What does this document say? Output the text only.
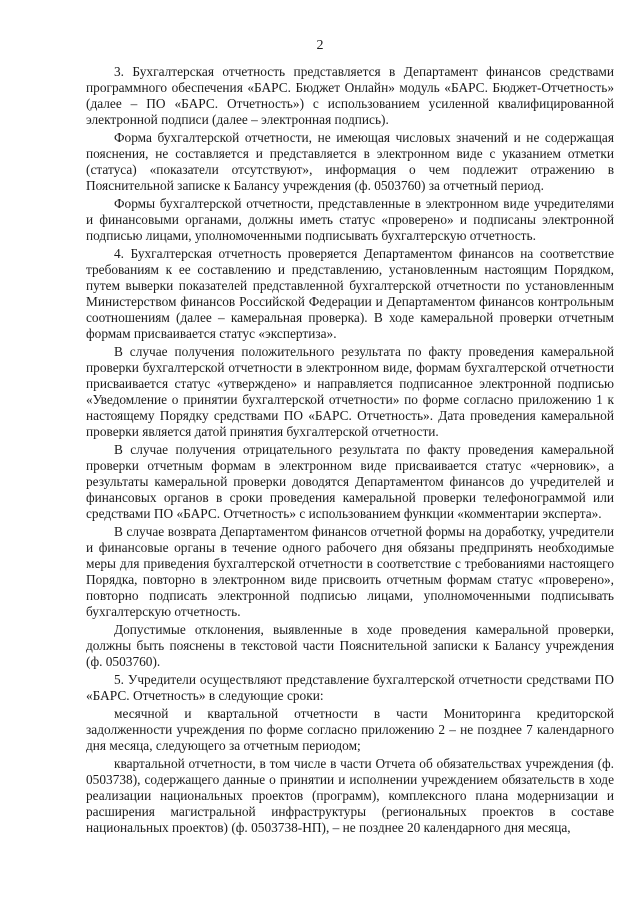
2

3. Бухгалтерская отчетность представляется в Департамент финансов средствами программного обеспечения «БАРС. Бюджет Онлайн» модуль «БАРС. Бюджет-Отчетность» (далее – ПО «БАРС. Отчетность») с использованием усиленной квалифицированной электронной подписи (далее – электронная подпись).

Форма бухгалтерской отчетности, не имеющая числовых значений и не содержащая пояснения, не составляется и представляется в электронном виде с указанием отметки (статуса) «показатели отсутствуют», информация о чем подлежит отражению в Пояснительной записке к Балансу учреждения (ф. 0503760) за отчетный период.

Формы бухгалтерской отчетности, представленные в электронном виде учредителями и финансовыми органами, должны иметь статус «проверено» и подписаны электронной подписью лицами, уполномоченными подписывать бухгалтерскую отчетность.

4. Бухгалтерская отчетность проверяется Департаментом финансов на соответствие требованиям к ее составлению и представлению, установленным настоящим Порядком, путем выверки показателей представленной бухгалтерской отчетности по установленным Министерством финансов Российской Федерации и Департаментом финансов контрольным соотношениям (далее – камеральная проверка). В ходе камеральной проверки отчетным формам присваивается статус «экспертиза».

В случае получения положительного результата по факту проведения камеральной проверки бухгалтерской отчетности в электронном виде, формам бухгалтерской отчетности присваивается статус «утверждено» и направляется подписанное электронной подписью «Уведомление о принятии бухгалтерской отчетности» по форме согласно приложению 1 к настоящему Порядку средствами ПО «БАРС. Отчетность». Дата проведения камеральной проверки является датой принятия бухгалтерской отчетности.

В случае получения отрицательного результата по факту проведения камеральной проверки отчетным формам в электронном виде присваивается статус «черновик», а результаты камеральной проверки доводятся Департаментом финансов до учредителей и финансовых органов в сроки проведения камеральной проверки телефонограммой или средствами ПО «БАРС. Отчетность» с использованием функции «комментарии эксперта».

В случае возврата Департаментом финансов отчетной формы на доработку, учредители и финансовые органы в течение одного рабочего дня обязаны предпринять необходимые меры для приведения бухгалтерской отчетности в соответствие с требованиями настоящего Порядка, повторно в электронном виде присвоить отчетным формам статус «проверено», повторно подписать электронной подписью лицами, уполномоченными подписывать бухгалтерскую отчетность.

Допустимые отклонения, выявленные в ходе проведения камеральной проверки, должны быть пояснены в текстовой части Пояснительной записки к Балансу учреждения (ф. 0503760).

5. Учредители осуществляют представление бухгалтерской отчетности средствами ПО «БАРС. Отчетность» в следующие сроки:

месячной и квартальной отчетности в части Мониторинга кредиторской задолженности учреждения по форме согласно приложению 2 – не позднее 7 календарного дня месяца, следующего за отчетным периодом;

квартальной отчетности, в том числе в части Отчета об обязательствах учреждения (ф. 0503738), содержащего данные о принятии и исполнении учреждением обязательств в ходе реализации национальных проектов (программ), комплексного плана модернизации и расширения магистральной инфраструктуры (региональных проектов в составе национальных проектов) (ф. 0503738-НП), – не позднее 20 календарного дня месяца,
